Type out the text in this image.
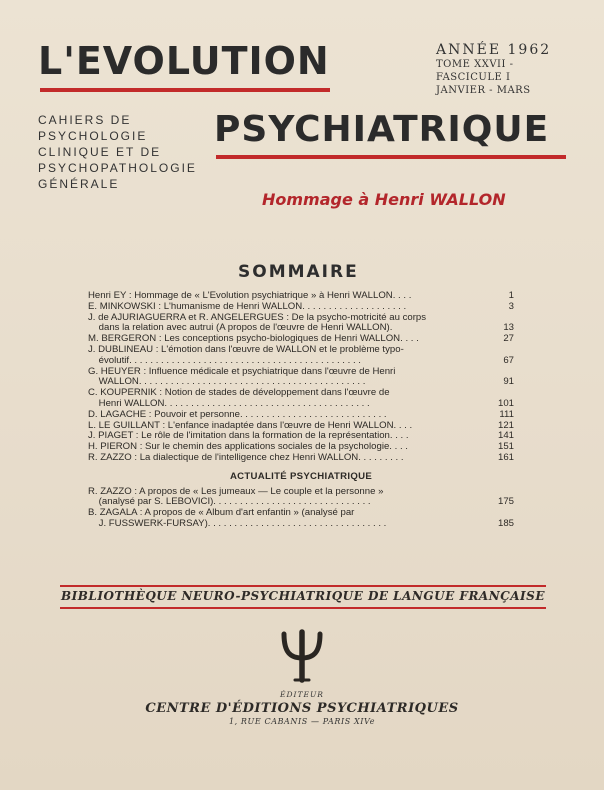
L'EVOLUTION	ANNÉE 1962
TOME XXVII - FASCICULE I
JANVIER - MARS
CAHIERS DE
PSYCHOLOGIE
CLINIQUE ET DE
PSYCHOPATHOLOGIE
GÉNÉRALE
PSYCHIATRIQUE
Hommage à Henri WALLON
SOMMAIRE
Henri EY : Hommage de « L'Evolution psychiatrique » à Henri WALLON. . . .	1
E. MINKOWSKI : L'humanisme de Henri WALLON. . . . . . . . . . . . . . . . . . . .	3
J. de AJURIAGUERRA et R. ANGELERGUES : De la psycho-motricité au corps
dans la relation avec autrui (A propos de l'œuvre de Henri WALLON).	13
M. BERGERON : Les conceptions psycho-biologiques de Henri WALLON. . . .	27
J. DUBLINEAU : L'émotion dans l'œuvre de WALLON et le problème typo-
évolutif. . . . . . . . . . . . . . . . . . . . . . . . . . . . . . . . . . . . . . . . . . . .	67
G. HEUYER : Influence médicale et psychiatrique dans l'œuvre de Henri
WALLON. . . . . . . . . . . . . . . . . . . . . . . . . . . . . . . . . . . . . . . . . . .	91
C. KOUPERNIK : Notion de stades de développement dans l'œuvre de
Henri WALLON. . . . . . . . . . . . . . . . . . . . . . . . . . . . . . . . . . . . . . .	101
D. LAGACHE : Pouvoir et personne. . . . . . . . . . . . . . . . . . . . . . . . . . . .	111
L. LE GUILLANT : L'enfance inadaptée dans l'œuvre de Henri WALLON. . . .	121
J. PIAGET : Le rôle de l'imitation dans la formation de la représentation. . . .	141
H. PIERON : Sur le chemin des applications sociales de la psychologie. . . .	151
R. ZAZZO : La dialectique de l'intelligence chez Henri WALLON. . . . . . . . .	161
ACTUALITÉ PSYCHIATRIQUE
R. ZAZZO : A propos de « Les jumeaux — Le couple et la personne »
(analysé par S. LEBOVICI). . . . . . . . . . . . . . . . . . . . . . . . . . . . . .	175
B. ZAGALA : A propos de « Album d'art enfantin » (analysé par
J. FUSSWERK-FURSAY). . . . . . . . . . . . . . . . . . . . . . . . . . . . . . . . . .	185
BIBLIOTHÈQUE NEURO-PSYCHIATRIQUE DE LANGUE FRANÇAISE
ÉDITEUR
CENTRE D'ÉDITIONS PSYCHIATRIQUES
1, RUE CABANIS — PARIS XIVe
